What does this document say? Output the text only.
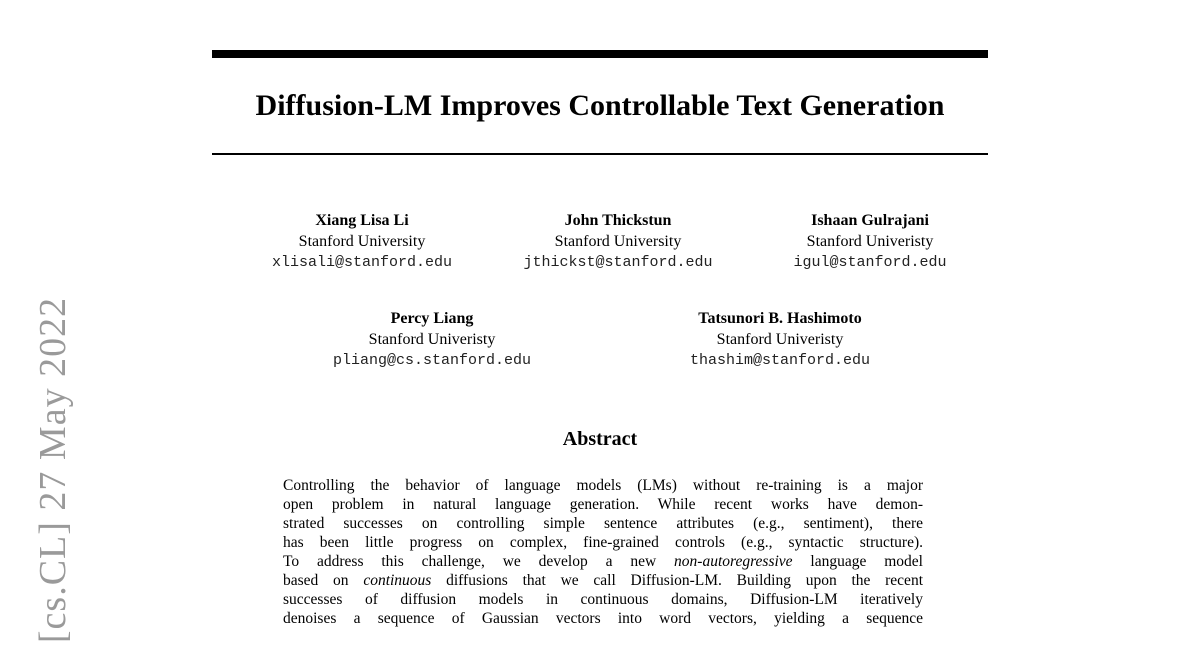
[cs.CL] 27 May 2022
Diffusion-LM Improves Controllable Text Generation
Xiang Lisa Li
Stanford University
xlisali@stanford.edu
John Thickstun
Stanford University
jthickst@stanford.edu
Ishaan Gulrajani
Stanford Univeristy
igul@stanford.edu
Percy Liang
Stanford Univeristy
pliang@cs.stanford.edu
Tatsunori B. Hashimoto
Stanford Univeristy
thashim@stanford.edu
Abstract
Controlling the behavior of language models (LMs) without re-training is a major
open problem in natural language generation. While recent works have demon-
strated successes on controlling simple sentence attributes (e.g., sentiment), there
has been little progress on complex, fine-grained controls (e.g., syntactic structure).
To address this challenge, we develop a new non-autoregressive language model
based on continuous diffusions that we call Diffusion-LM. Building upon the recent
successes of diffusion models in continuous domains, Diffusion-LM iteratively
denoises a sequence of Gaussian vectors into word vectors, yielding a sequence
